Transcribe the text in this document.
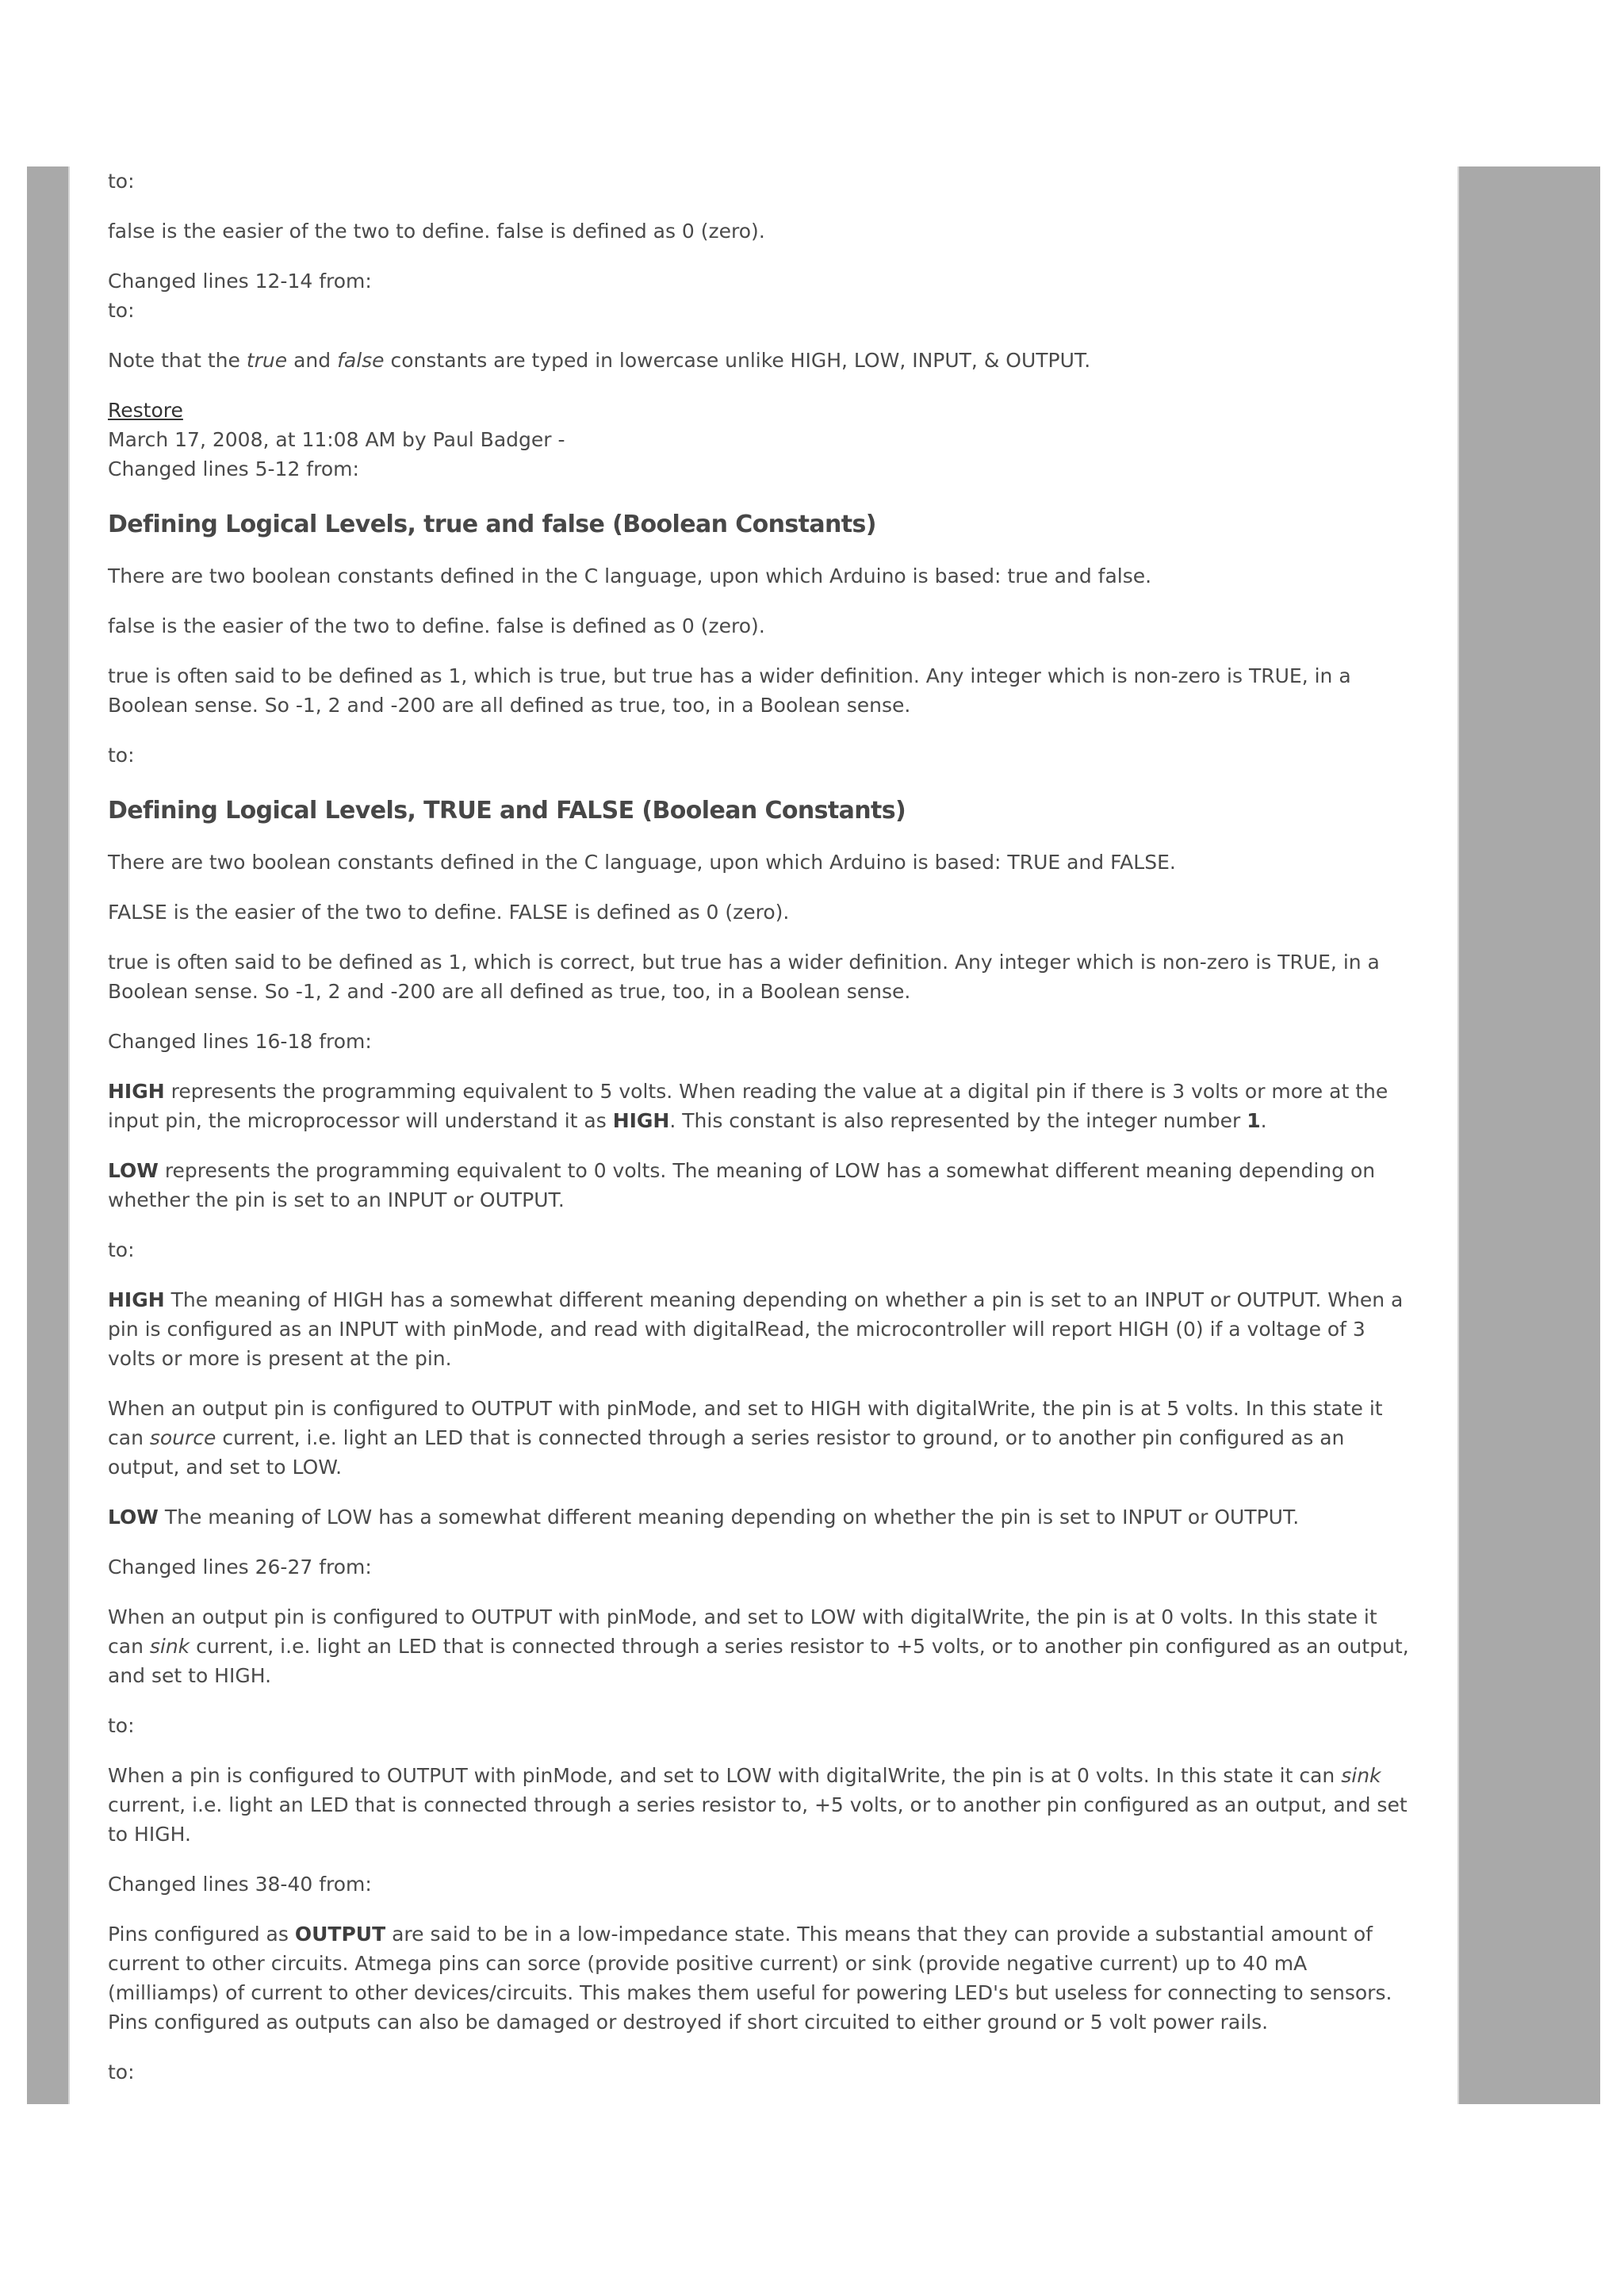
to:

false is the easier of the two to define. false is defined as 0 (zero).

Changed lines 12-14 from:
to:

Note that the true and false constants are typed in lowercase unlike HIGH, LOW, INPUT, & OUTPUT.

Restore
March 17, 2008, at 11:08 AM by Paul Badger -
Changed lines 5-12 from:

Defining Logical Levels, true and false (Boolean Constants)

There are two boolean constants defined in the C language, upon which Arduino is based: true and false.

false is the easier of the two to define. false is defined as 0 (zero).

true is often said to be defined as 1, which is true, but true has a wider definition. Any integer which is non-zero is TRUE, in a Boolean sense. So -1, 2 and -200 are all defined as true, too, in a Boolean sense.

to:

Defining Logical Levels, TRUE and FALSE (Boolean Constants)

There are two boolean constants defined in the C language, upon which Arduino is based: TRUE and FALSE.

FALSE is the easier of the two to define. FALSE is defined as 0 (zero).

true is often said to be defined as 1, which is correct, but true has a wider definition. Any integer which is non-zero is TRUE, in a Boolean sense. So -1, 2 and -200 are all defined as true, too, in a Boolean sense.

Changed lines 16-18 from:

HIGH represents the programming equivalent to 5 volts. When reading the value at a digital pin if there is 3 volts or more at the input pin, the microprocessor will understand it as HIGH. This constant is also represented by the integer number 1.

LOW represents the programming equivalent to 0 volts. The meaning of LOW has a somewhat different meaning depending on whether the pin is set to an INPUT or OUTPUT.

to:

HIGH The meaning of HIGH has a somewhat different meaning depending on whether a pin is set to an INPUT or OUTPUT. When a pin is configured as an INPUT with pinMode, and read with digitalRead, the microcontroller will report HIGH (0) if a voltage of 3 volts or more is present at the pin.

When an output pin is configured to OUTPUT with pinMode, and set to HIGH with digitalWrite, the pin is at 5 volts. In this state it can source current, i.e. light an LED that is connected through a series resistor to ground, or to another pin configured as an output, and set to LOW.

LOW The meaning of LOW has a somewhat different meaning depending on whether the pin is set to INPUT or OUTPUT.

Changed lines 26-27 from:

When an output pin is configured to OUTPUT with pinMode, and set to LOW with digitalWrite, the pin is at 0 volts. In this state it can sink current, i.e. light an LED that is connected through a series resistor to +5 volts, or to another pin configured as an output, and set to HIGH.

to:

When a pin is configured to OUTPUT with pinMode, and set to LOW with digitalWrite, the pin is at 0 volts. In this state it can sink current, i.e. light an LED that is connected through a series resistor to, +5 volts, or to another pin configured as an output, and set to HIGH.

Changed lines 38-40 from:

Pins configured as OUTPUT are said to be in a low-impedance state. This means that they can provide a substantial amount of current to other circuits. Atmega pins can sorce (provide positive current) or sink (provide negative current) up to 40 mA (milliamps) of current to other devices/circuits. This makes them useful for powering LED's but useless for connecting to sensors. Pins configured as outputs can also be damaged or destroyed if short circuited to either ground or 5 volt power rails.

to:
